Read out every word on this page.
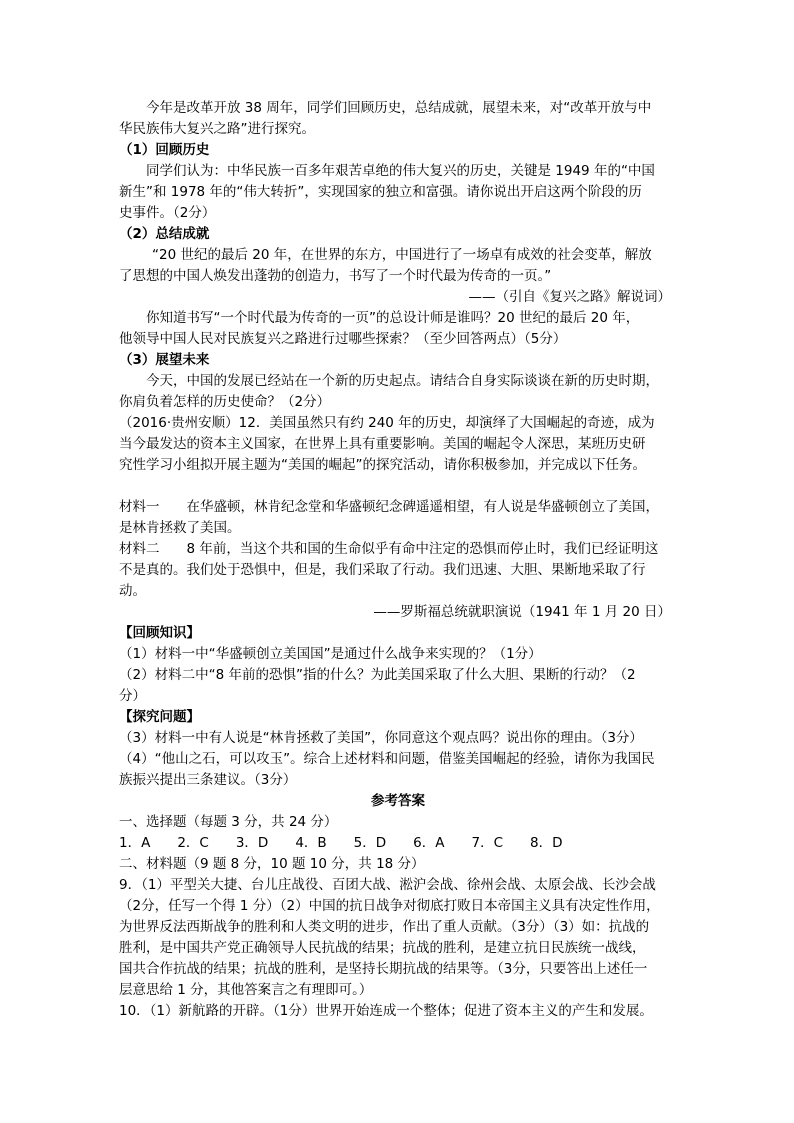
今年是改革开放 38 周年，同学们回顾历史，总结成就，展望未来，对“改革开放与中

华民族伟大复兴之路”进行探究。

（1）回顾历史

同学们认为：中华民族一百多年艰苦卓绝的伟大复兴的历史，关键是 1949 年的“中国

新生”和 1978 年的“伟大转折”，实现国家的独立和富强。请你说出开启这两个阶段的历

史事件。（2分）

（2）总结成就

“20 世纪的最后 20 年，在世界的东方，中国进行了一场卓有成效的社会变革，解放

了思想的中国人焕发出蓬勃的创造力，书写了一个时代最为传奇的一页。”

——（引自《复兴之路》解说词）

你知道书写“一个时代最为传奇的一页”的总设计师是谁吗？20 世纪的最后 20 年，

他领导中国人民对民族复兴之路进行过哪些探索？（至少回答两点）（5分）

（3）展望未来

今天，中国的发展已经站在一个新的历史起点。请结合自身实际谈谈在新的历史时期，

你肩负着怎样的历史使命？（2分）

（2016·贵州安顺）12．美国虽然只有约 240 年的历史，却演绎了大国崛起的奇迹，成为

当今最发达的资本主义国家，在世界上具有重要影响。美国的崛起令人深思，某班历史研

究性学习小组拟开展主题为“美国的崛起”的探究活动，请你积极参加，并完成以下任务。

材料一　　在华盛顿，林肯纪念堂和华盛顿纪念碑遥遥相望，有人说是华盛顿创立了美国，

是林肯拯救了美国。

材料二　　8 年前，当这个共和国的生命似乎有命中注定的恐惧而停止时，我们已经证明这

不是真的。我们处于恐惧中，但是，我们采取了行动。我们迅速、大胆、果断地采取了行

动。

——罗斯福总统就职演说（1941 年 1 月 20 日）

【回顾知识】

（1）材料一中“华盛顿创立美国国”是通过什么战争来实现的？（1分）

（2）材料二中“8 年前的恐惧”指的什么？为此美国采取了什么大胆、果断的行动？（2

分）

【探究问题】

（3）材料一中有人说是“林肯拯救了美国”，你同意这个观点吗？说出你的理由。（3分）

（4）“他山之石，可以攻玉”。综合上述材料和问题，借鉴美国崛起的经验，请你为我国民

族振兴提出三条建议。（3分）

参考答案

一、选择题（每题 3 分，共 24 分）

1．A　　2．C　　3．D　　4．B　　5．D　　6．A　　7．C　　8．D

二、材料题（9 题 8 分，10 题 10 分，共 18 分）

9．（1）平型关大捷、台儿庄战役、百团大战、淞沪会战、徐州会战、太原会战、长沙会战

（2分，任写一个得 1 分）（2）中国的抗日战争对彻底打败日本帝国主义具有决定性作用，

为世界反法西斯战争的胜利和人类文明的进步，作出了重人贡献。（3分）（3）如：抗战的

胜利，是中国共产党正确领导人民抗战的结果；抗战的胜利，是建立抗日民族统一战线，

国共合作抗战的结果；抗战的胜利，是坚持长期抗战的结果等。（3分，只要答出上述任一

层意思给 1 分，其他答案言之有理即可。）

10．（1）新航路的开辟。（1分）世界开始连成一个整体；促进了资本主义的产生和发展。
